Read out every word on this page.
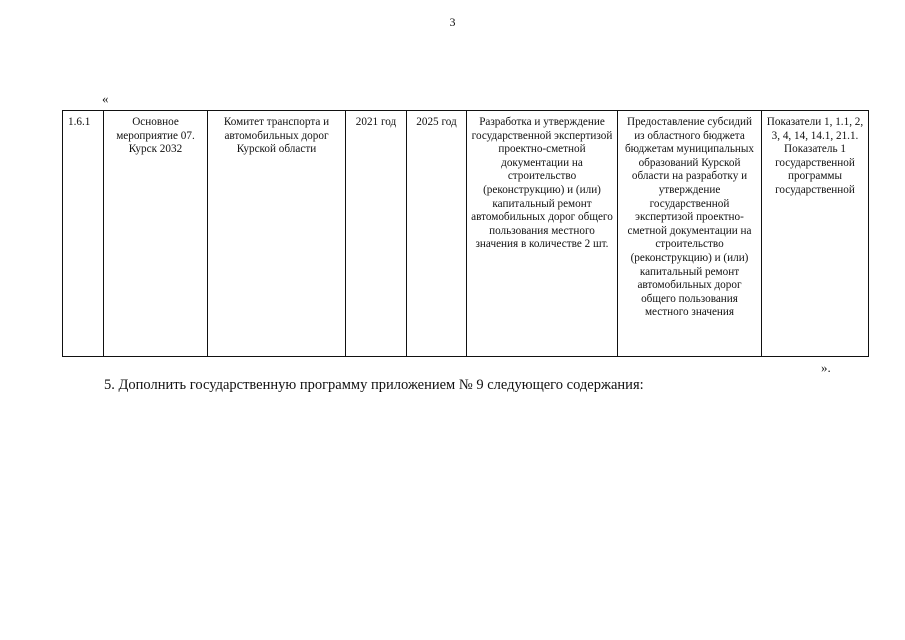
3
«
1.6.1	Основное мероприятие 07. Курск 2032	Комитет транспорта и автомобильных дорог Курской области	2021 год	2025 год	Разработка и утверждение государственной экспертизой проектно-сметной документации на строительство (реконструкцию) и (или) капитальный ремонт автомобильных дорог общего пользования местного значения в количестве 2 шт.	Предоставление субсидий из областного бюджета бюджетам муниципальных образований Курской области на разработку и утверждение государственной экспертизой проектно-сметной документации на строительство (реконструкцию) и (или) капитальный ремонт автомобильных дорог общего пользования местного значения	Показатели 1, 1.1, 2, 3, 4, 14, 14.1, 21.1. Показатель 1 государственной программы государственной
».
5. Дополнить государственную программу приложением № 9 следующего содержания:
